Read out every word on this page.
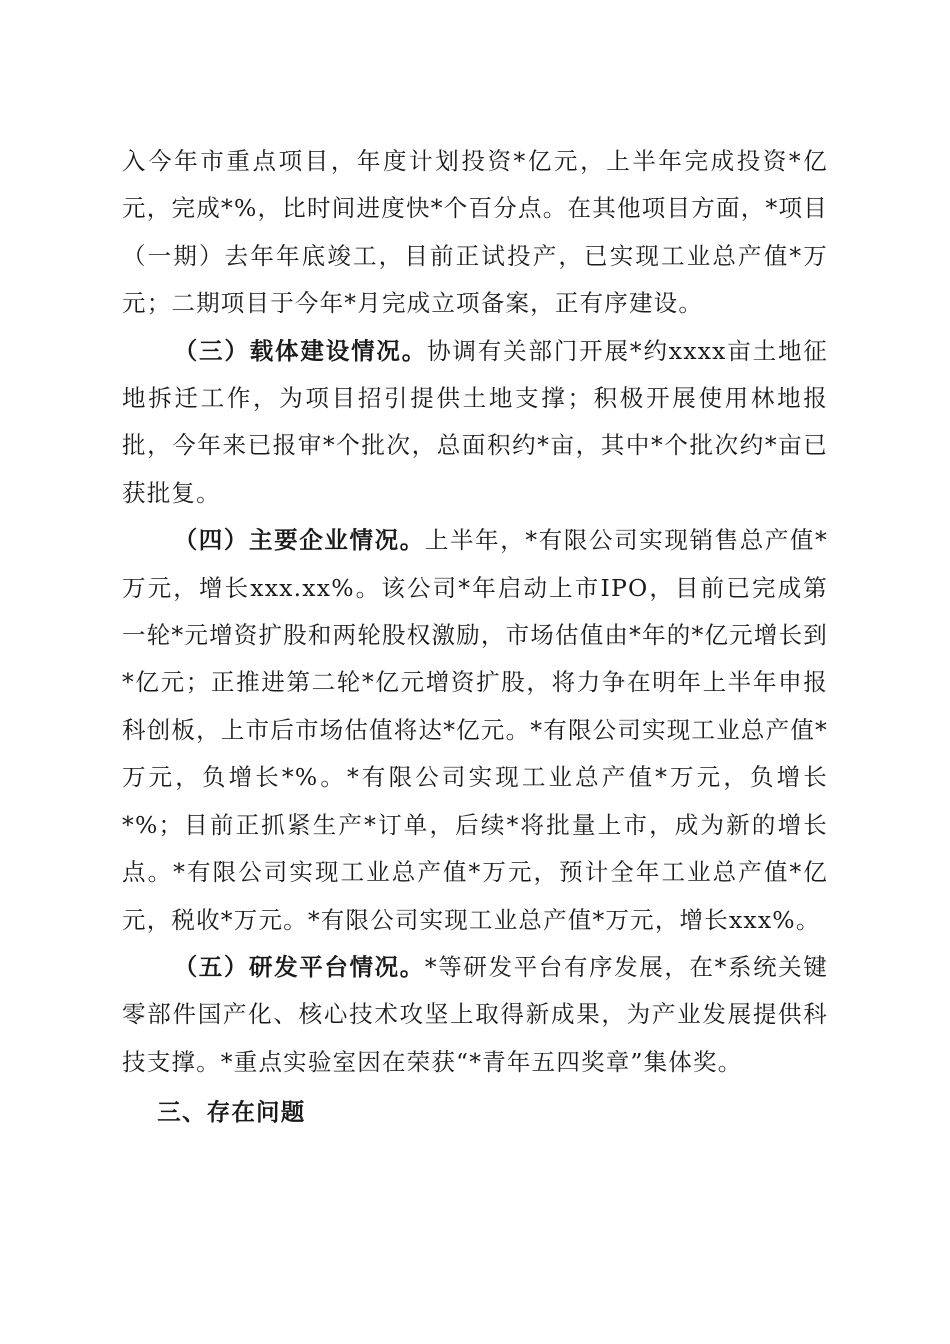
入今年市重点项目，年度计划投资*亿元，上半年完成投资*亿元，完成*%，比时间进度快*个百分点。在其他项目方面，*项目（一期）去年年底竣工，目前正试投产，已实现工业总产值*万元；二期项目于今年*月完成立项备案，正有序建设。

（三）载体建设情况。协调有关部门开展*约xxxx亩土地征地拆迁工作，为项目招引提供土地支撑；积极开展使用林地报批，今年来已报审*个批次，总面积约*亩，其中*个批次约*亩已获批复。

（四）主要企业情况。上半年，*有限公司实现销售总产值*万元，增长xxx.xx%。该公司*年启动上市IPO，目前已完成第一轮*元增资扩股和两轮股权激励，市场估值由*年的*亿元增长到*亿元；正推进第二轮*亿元增资扩股，将力争在明年上半年申报科创板，上市后市场估值将达*亿元。*有限公司实现工业总产值*万元，负增长*%。*有限公司实现工业总产值*万元，负增长*%；目前正抓紧生产*订单，后续*将批量上市，成为新的增长点。*有限公司实现工业总产值*万元，预计全年工业总产值*亿元，税收*万元。*有限公司实现工业总产值*万元，增长xxx%。

（五）研发平台情况。*等研发平台有序发展，在*系统关键零部件国产化、核心技术攻坚上取得新成果，为产业发展提供科技支撑。*重点实验室因在荣获“*青年五四奖章”集体奖。

三、存在问题
